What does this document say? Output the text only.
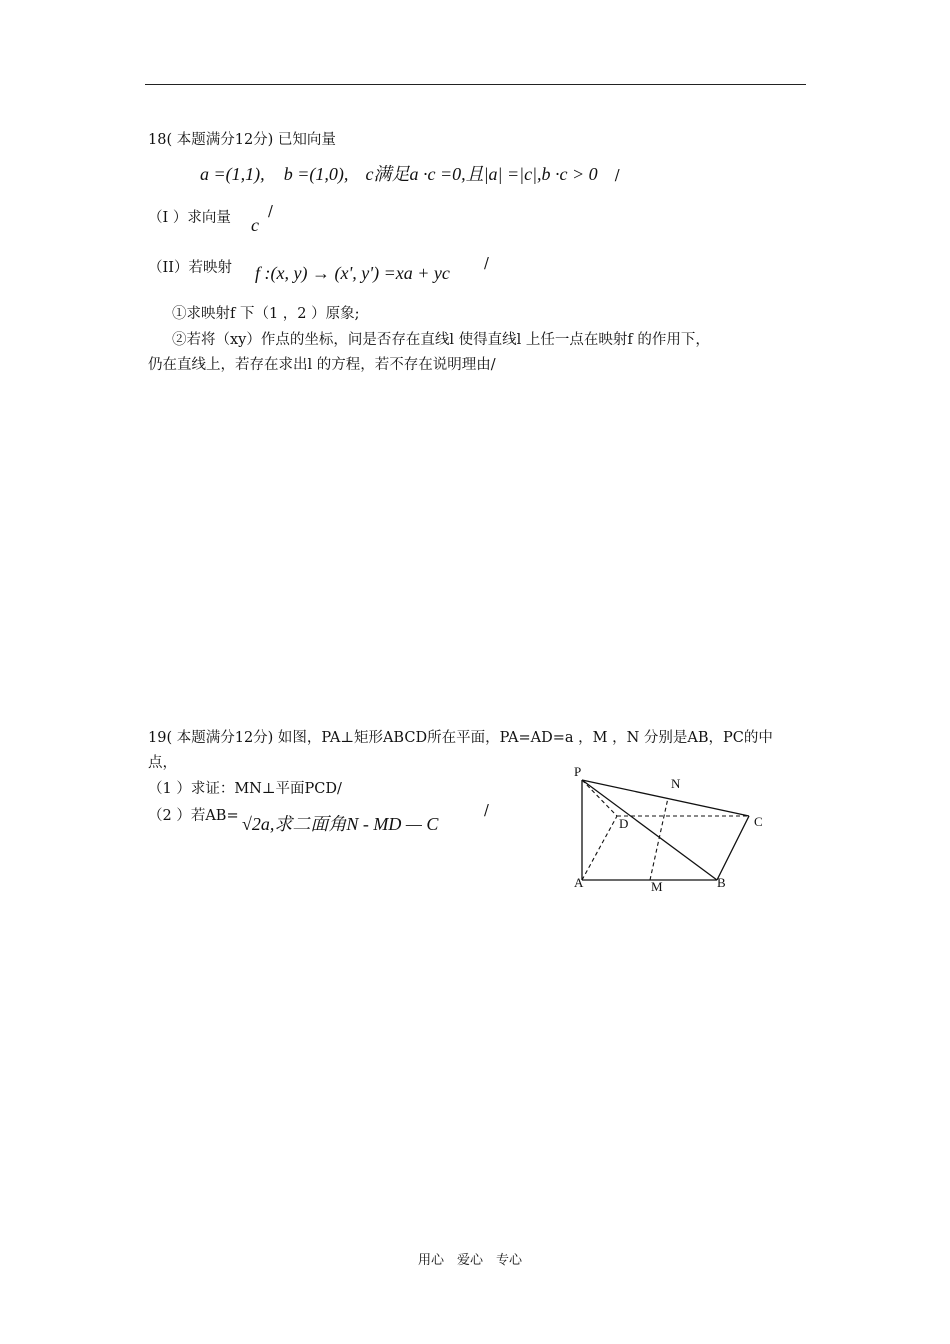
18( 本题满分12分) 已知向量
a =(1,1), b =(1,0), c满足a ·c =0,且|a| =|c|,b ·c > 0 /
（I ）求向量 c
/
（II）若映射 f :(x, y) → (x', y') =xa + yc /
①求映射f 下（1 ，2 ）原象;
②若将（xy）作点的坐标，问是否存在直线l 使得直线l 上任一点在映射f 的作用下，
仍在直线上，若存在求出l 的方程，若不存在说明理由/
19( 本题满分12分) 如图，PA⊥矩形ABCD所在平面，PA=AD=a ，M ，N 分别是AB，PC的中
点，
（1 ）求证：MN⊥平面PCD/
（2 ）若AB= √2a,求二面角N - MD — C
/
P
N
D	C
A	M	B
用心　爱心　专心
